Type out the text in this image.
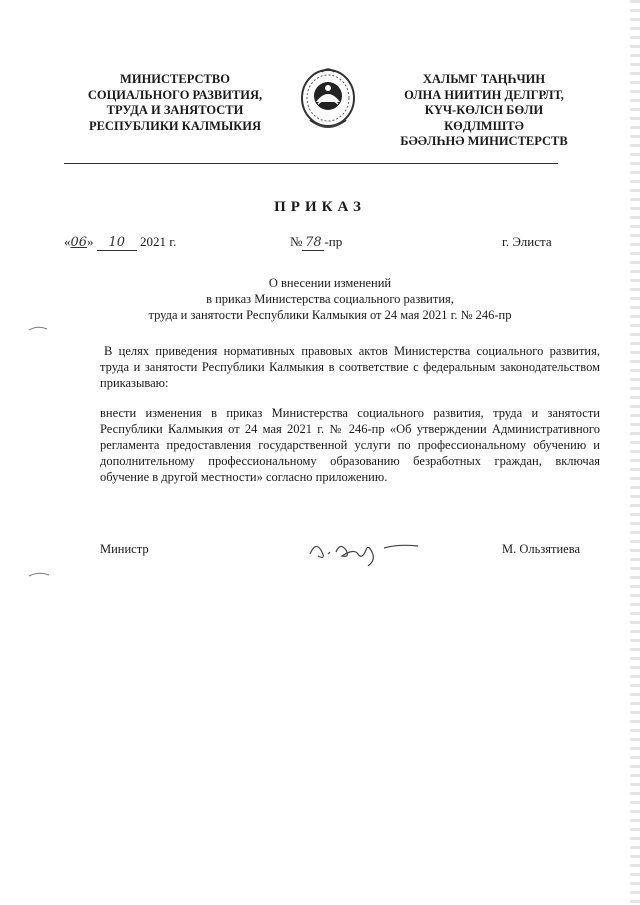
МИНИСТЕРСТВО
СОЦИАЛЬНОГО РАЗВИТИЯ,
ТРУДА И ЗАНЯТОСТИ
РЕСПУБЛИКИ КАЛМЫКИЯ
ХАЛЬМГ ТАҢҺЧИН
ОЛНА НИИТИН ДЕЛГРЛТ,
КҮЧ-КӨЛСН БӨЛИ
КӨДЛМШТӘ
БӘӘЛҺНӘ МИНИСТЕРСТВ
ПРИКАЗ
«06» 10 2021 г.	№ 78 -пр	г. Элиста
О внесении изменений
в приказ Министерства социального развития,
труда и занятости Республики Калмыкия от 24 мая 2021 г. № 246-пр
В целях приведения нормативных правовых актов Министерства социального развития, труда и занятости Республики Калмыкия в соответствие с федеральным законодательством приказываю:
внести изменения в приказ Министерства социального развития, труда и занятости Республики Калмыкия от 24 мая 2021 г. № 246-пр «Об утверждении Административного регламента предоставления государственной услуги по профессиональному обучению и дополнительному профессиональному образованию безработных граждан, включая обучение в другой местности» согласно приложению.
Министр	М. Ользятиева
